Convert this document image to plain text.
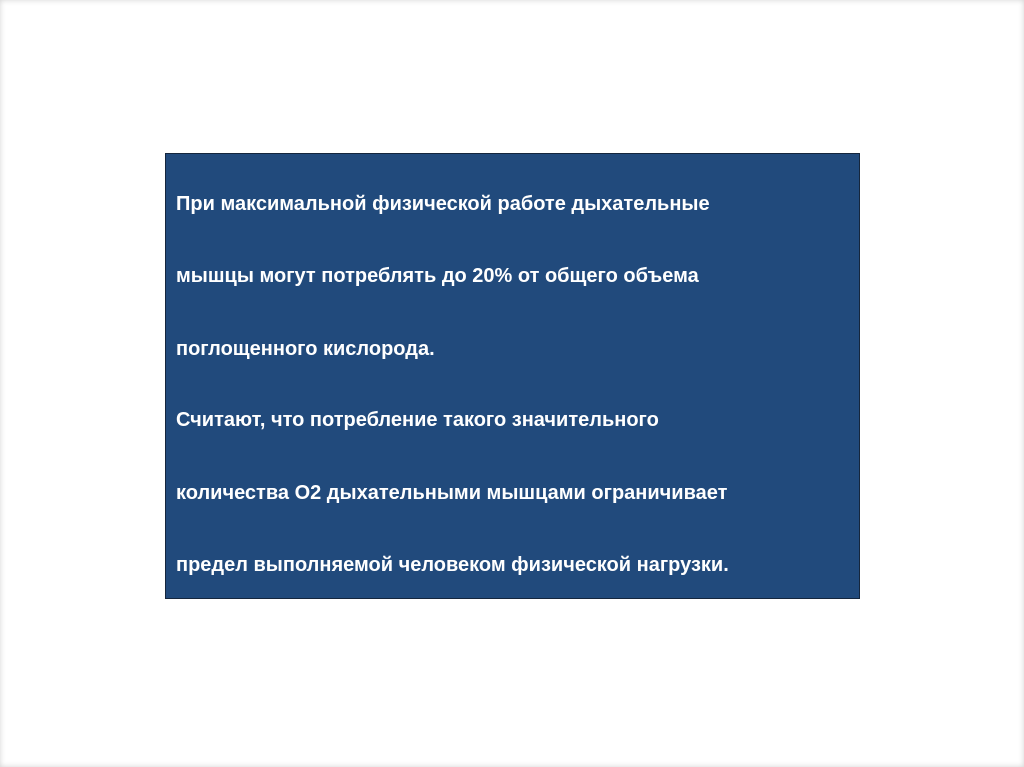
При максимальной физической работе дыхательные
мышцы могут потреблять до 20% от общего объема
поглощенного кислорода.
Считают, что потребление такого значительного
количества О2 дыхательными мышцами ограничивает
предел выполняемой человеком физической нагрузки.
